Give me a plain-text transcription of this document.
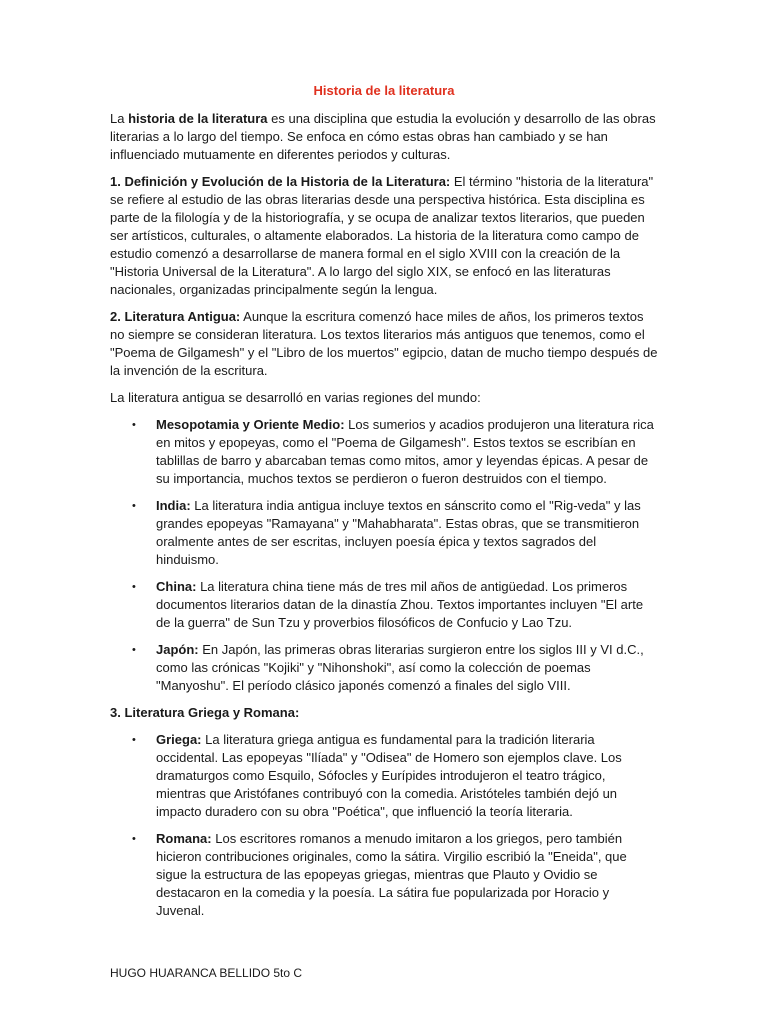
Historia de la literatura

La historia de la literatura es una disciplina que estudia la evolución y desarrollo de las obras literarias a lo largo del tiempo. Se enfoca en cómo estas obras han cambiado y se han influenciado mutuamente en diferentes periodos y culturas.

1. Definición y Evolución de la Historia de la Literatura: El término "historia de la literatura" se refiere al estudio de las obras literarias desde una perspectiva histórica. Esta disciplina es parte de la filología y de la historiografía, y se ocupa de analizar textos literarios, que pueden ser artísticos, culturales, o altamente elaborados. La historia de la literatura como campo de estudio comenzó a desarrollarse de manera formal en el siglo XVIII con la creación de la "Historia Universal de la Literatura". A lo largo del siglo XIX, se enfocó en las literaturas nacionales, organizadas principalmente según la lengua.

2. Literatura Antigua: Aunque la escritura comenzó hace miles de años, los primeros textos no siempre se consideran literatura. Los textos literarios más antiguos que tenemos, como el "Poema de Gilgamesh" y el "Libro de los muertos" egipcio, datan de mucho tiempo después de la invención de la escritura.

La literatura antigua se desarrolló en varias regiones del mundo:

• Mesopotamia y Oriente Medio: Los sumerios y acadios produjeron una literatura rica en mitos y epopeyas, como el "Poema de Gilgamesh". Estos textos se escribían en tablillas de barro y abarcaban temas como mitos, amor y leyendas épicas. A pesar de su importancia, muchos textos se perdieron o fueron destruidos con el tiempo.
• India: La literatura india antigua incluye textos en sánscrito como el "Rig-veda" y las grandes epopeyas "Ramayana" y "Mahabharata". Estas obras, que se transmitieron oralmente antes de ser escritas, incluyen poesía épica y textos sagrados del hinduismo.
• China: La literatura china tiene más de tres mil años de antigüedad. Los primeros documentos literarios datan de la dinastía Zhou. Textos importantes incluyen "El arte de la guerra" de Sun Tzu y proverbios filosóficos de Confucio y Lao Tzu.
• Japón: En Japón, las primeras obras literarias surgieron entre los siglos III y VI d.C., como las crónicas "Kojiki" y "Nihonshoki", así como la colección de poemas "Manyoshu". El período clásico japonés comenzó a finales del siglo VIII.

3. Literatura Griega y Romana:

• Griega: La literatura griega antigua es fundamental para la tradición literaria occidental. Las epopeyas "Ilíada" y "Odisea" de Homero son ejemplos clave. Los dramaturgos como Esquilo, Sófocles y Eurípides introdujeron el teatro trágico, mientras que Aristófanes contribuyó con la comedia. Aristóteles también dejó un impacto duradero con su obra "Poética", que influenció la teoría literaria.
• Romana: Los escritores romanos a menudo imitaron a los griegos, pero también hicieron contribuciones originales, como la sátira. Virgilio escribió la "Eneida", que sigue la estructura de las epopeyas griegas, mientras que Plauto y Ovidio se destacaron en la comedia y la poesía. La sátira fue popularizada por Horacio y Juvenal.
HUGO HUARANCA BELLIDO 5to C
